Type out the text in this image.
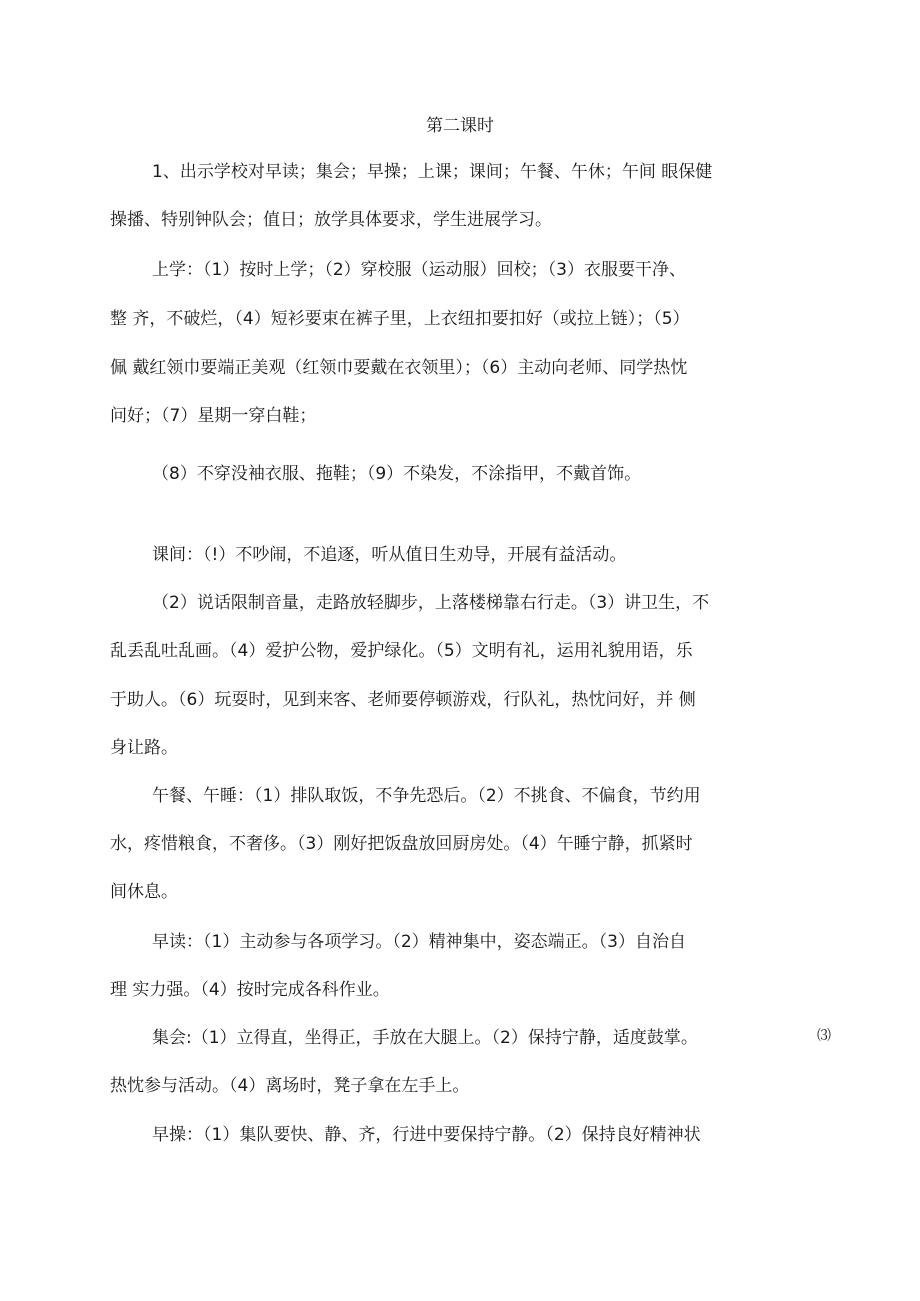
第二课时
1、出示学校对早读；集会；早操；上课；课间；午餐、午休；午间 眼保健
操播、特别钟队会；值日；放学具体要求，学生进展学习。
上学：（1）按时上学；（2）穿校服（运动服）回校；（3）衣服要干净、
整 齐，不破烂，（4）短衫要束在裤子里，上衣纽扣要扣好（或拉上链）；（5）
佩 戴红领巾要端正美观（红领巾要戴在衣领里）；（6）主动向老师、同学热忱
问好；（7）星期一穿白鞋；
（8）不穿没袖衣服、拖鞋；（9）不染发，不涂指甲，不戴首饰。
课间：（!）不吵闹，不追逐，听从值日生劝导，开展有益活动。
（2）说话限制音量，走路放轻脚步，上落楼梯靠右行走。（3）讲卫生，不
乱丢乱吐乱画。（4）爱护公物，爱护绿化。（5）文明有礼，运用礼貌用语，乐
于助人。（6）玩耍时，见到来客、老师要停顿游戏，行队礼，热忱问好，并 侧
身让路。
午餐、午睡：（1）排队取饭，不争先恐后。（2）不挑食、不偏食，节约用
水，疼惜粮食，不奢侈。（3）刚好把饭盘放回厨房处。（4）午睡宁静，抓紧时
间休息。
早读：（1）主动参与各项学习。（2）精神集中，姿态端正。（3）自治自
理 实力强。（4）按时完成各科作业。
集会:（1）立得直，坐得正，手放在大腿上。（2）保持宁静，适度鼓掌。	⑶
热忱参与活动。（4）离场时，凳子拿在左手上。
早操：（1）集队要快、静、齐，行进中要保持宁静。（2）保持良好精神状
